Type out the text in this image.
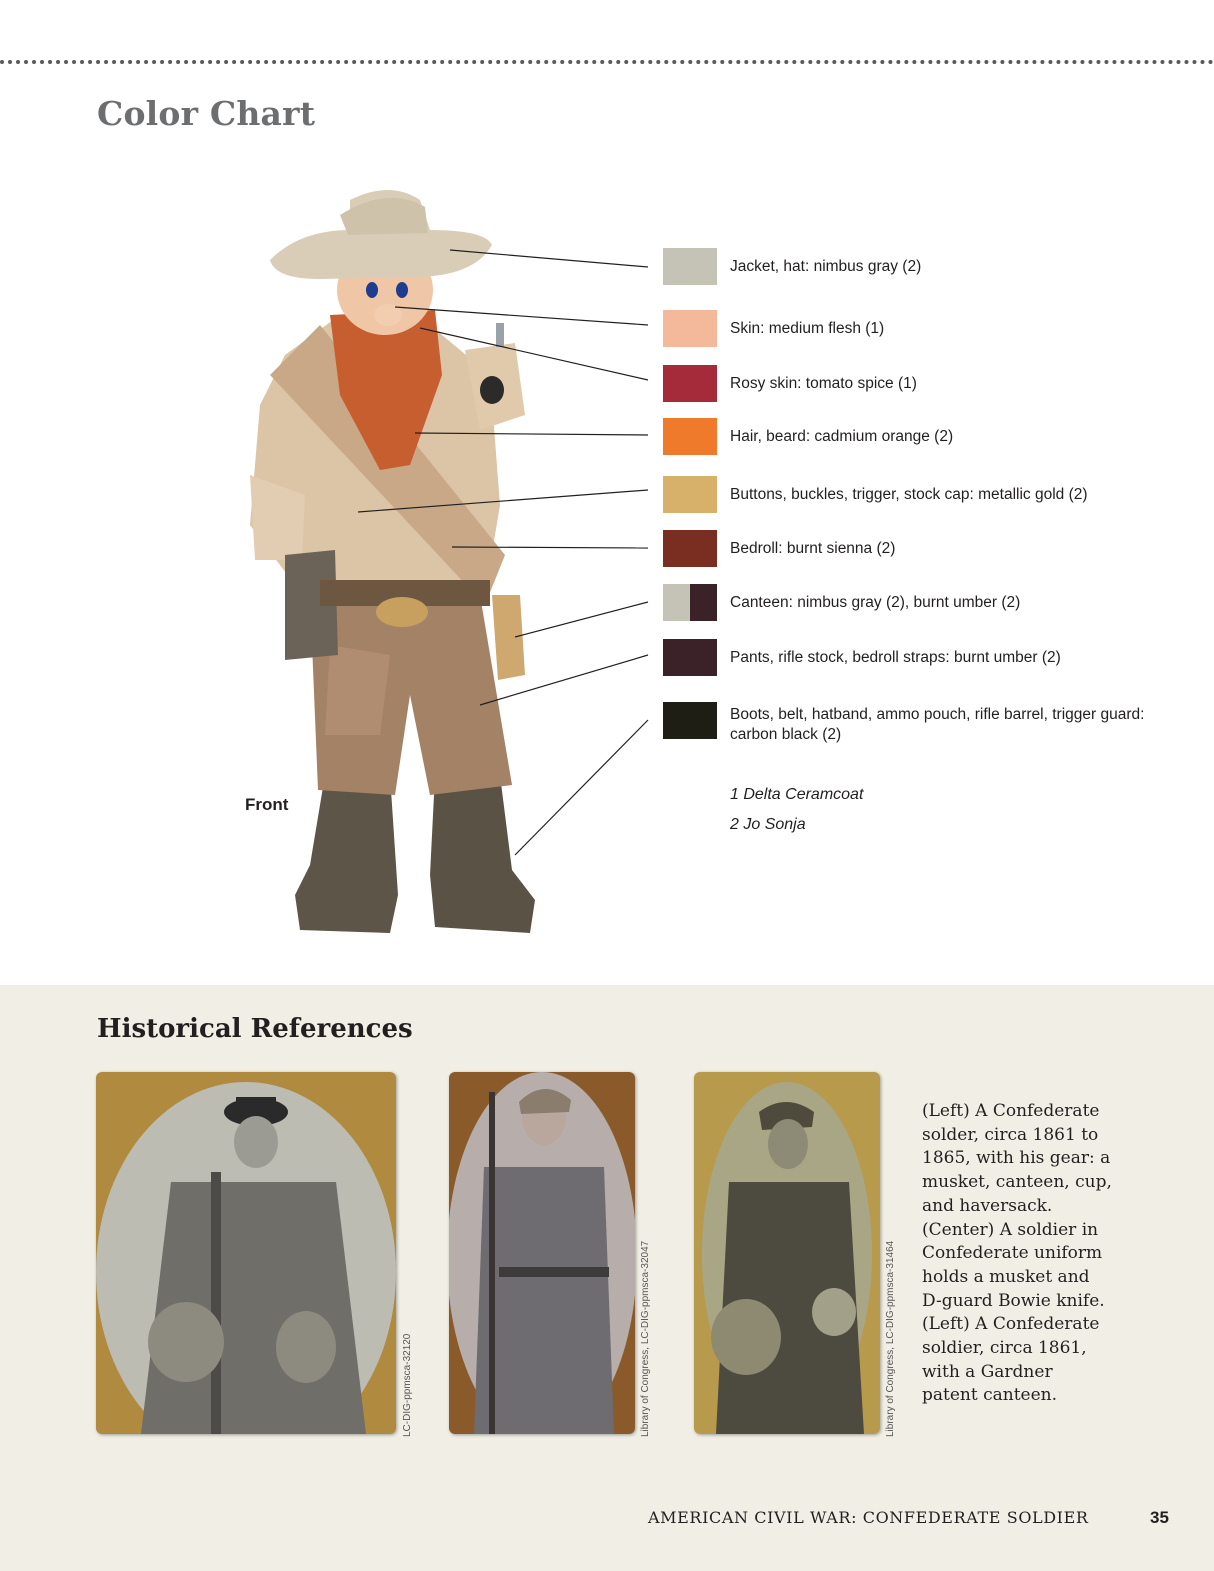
Color Chart
Front
Jacket, hat: nimbus gray (2)
Skin: medium flesh (1)
Rosy skin: tomato spice (1)
Hair, beard: cadmium orange (2)
Buttons, buckles, trigger, stock cap: metallic gold (2)
Bedroll: burnt sienna (2)
Canteen: nimbus gray (2), burnt umber (2)
Pants, rifle stock, bedroll straps: burnt umber (2)
Boots, belt, hatband, ammo pouch, rifle barrel, trigger guard: carbon black (2)
1 Delta Ceramcoat
2 Jo Sonja
Historical References
LC-DIG-ppmsca-32120	Library of Congress, LC-DIG-ppmsca-32047	Library of Congress, LC-DIG-ppmsca-31464
(Left) A Confederate solder, circa 1861 to 1865, with his gear: a musket, canteen, cup, and haversack. (Center) A soldier in Confederate uniform holds a musket and D-guard Bowie knife. (Left) A Confederate soldier, circa 1861, with a Gardner patent canteen.
AMERICAN CIVIL WAR: CONFEDERATE SOLDIER	35
